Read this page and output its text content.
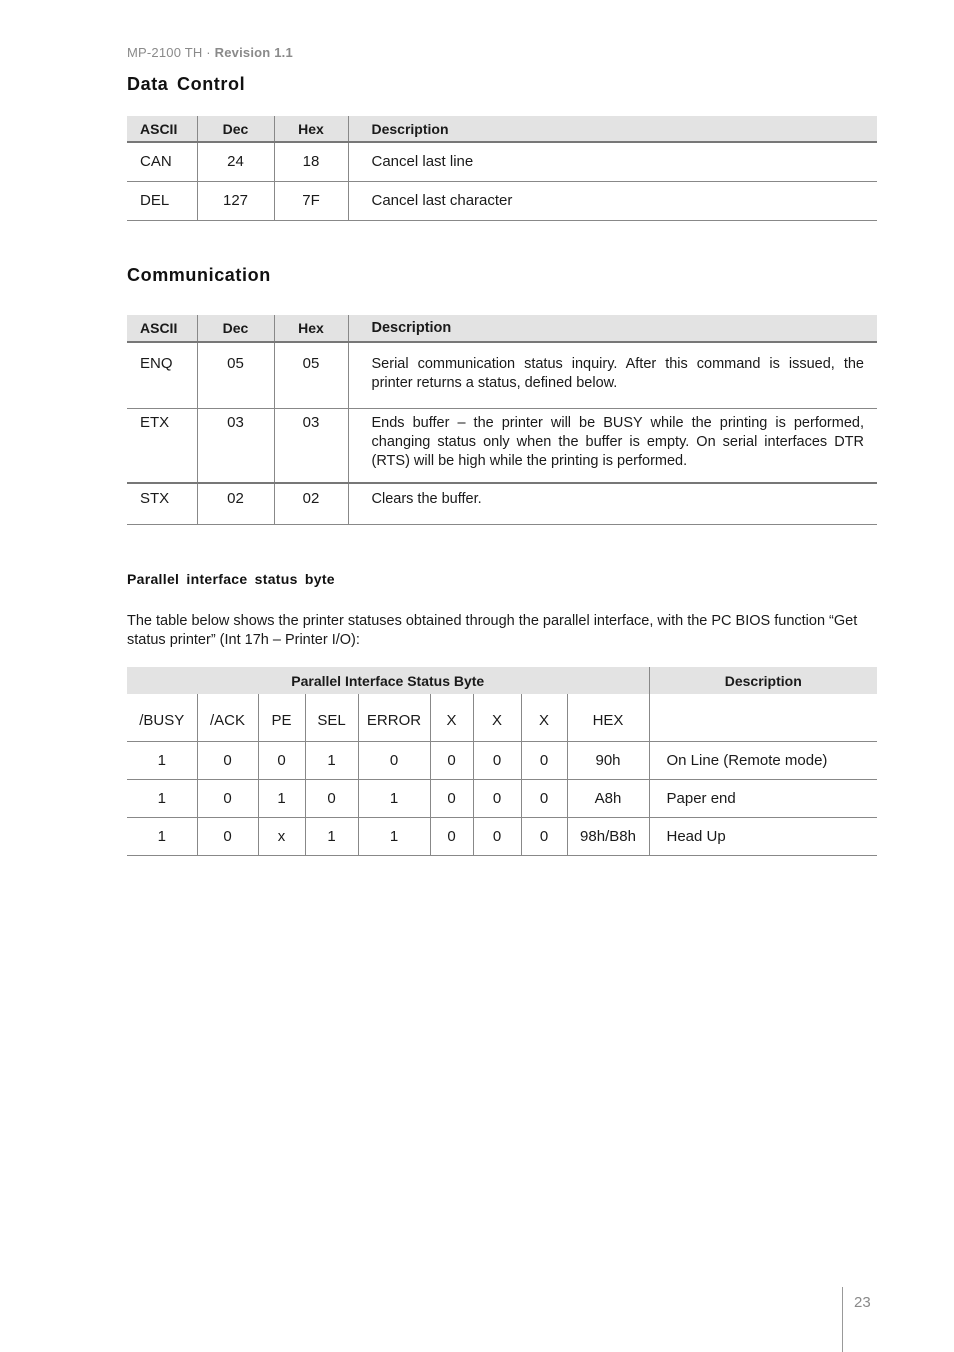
MP-2100 TH · Revision 1.1
Data Control
ASCII	Dec	Hex	Description
CAN	24	18	Cancel last line
DEL	127	7F	Cancel last character
Communication
ASCII	Dec	Hex	Description
ENQ	05	05	Serial communication status inquiry. After this command is issued, the printer returns a status, defined below.
ETX	03	03	Ends buffer – the printer will be BUSY while the printing is performed, changing status only when the buffer is empty. On serial interfaces DTR (RTS) will be high while the printing is performed.
STX	02	02	Clears the buffer.
Parallel interface status byte

The table below shows the printer statuses obtained through the parallel interface, with the PC BIOS function “Get status printer” (Int 17h – Printer I/O):

Parallel Interface Status Byte									Description
/BUSY	/ACK	PE	SEL	ERROR	X	X	X	HEX	
1	0	0	1	0	0	0	0	90h	On Line (Remote mode)
1	0	1	0	1	0	0	0	A8h	Paper end
1	0	x	1	1	0	0	0	98h/B8h	Head Up
23
